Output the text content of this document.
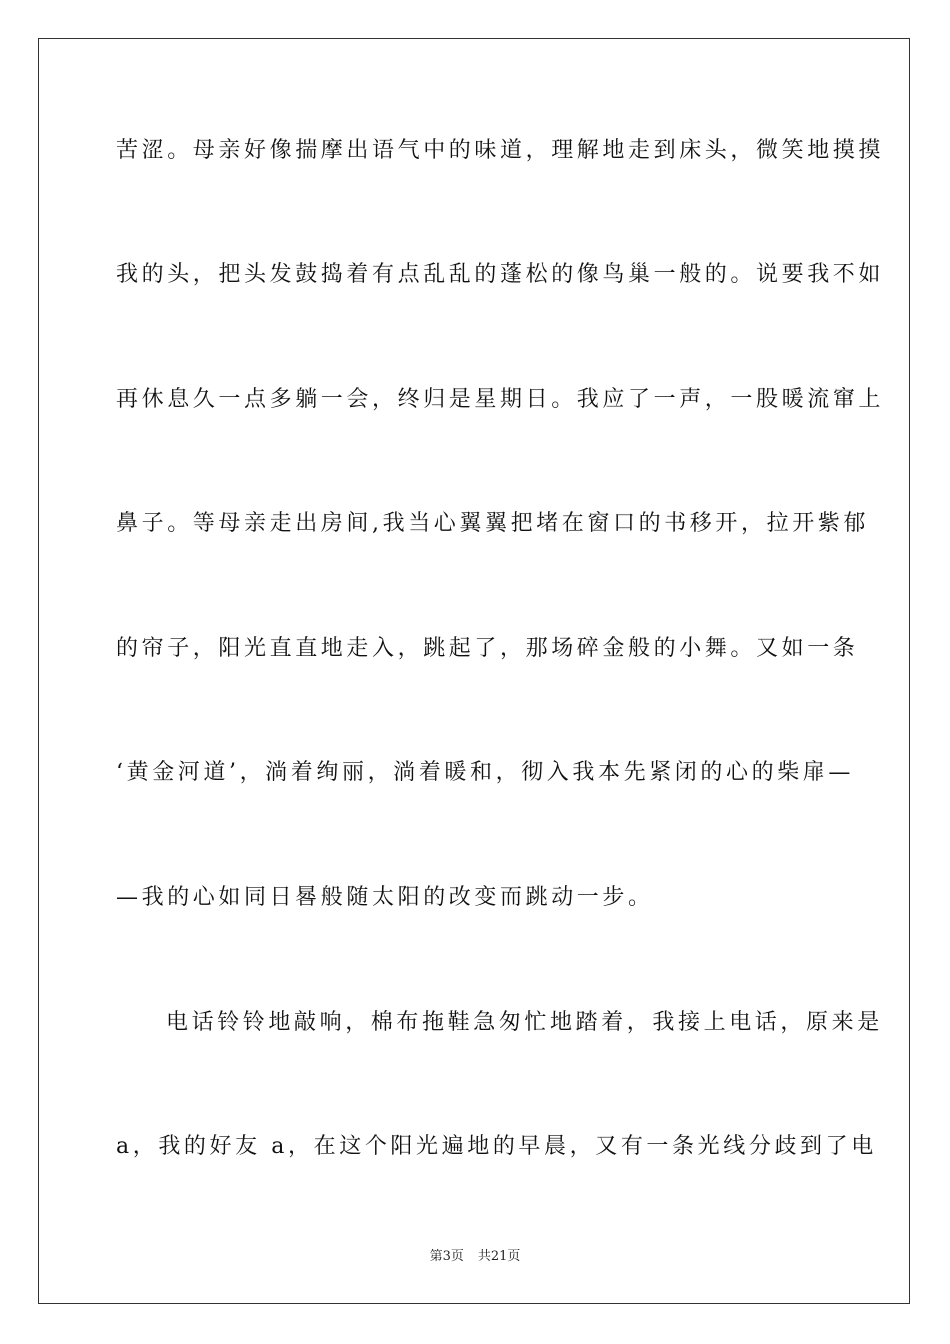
苦涩。母亲好像揣摩出语气中的味道，理解地走到床头，微笑地摸摸
我的头，把头发鼓捣着有点乱乱的蓬松的像鸟巢一般的。说要我不如
再休息久一点多躺一会，终归是星期日。我应了一声，一股暖流窜上
鼻子。等母亲走出房间,我当心翼翼把堵在窗口的书移开，拉开紫郁
的帘子，阳光直直地走入，跳起了，那场碎金般的小舞。又如一条
‘黄金河道’，淌着绚丽，淌着暖和，彻入我本先紧闭的心的柴扉—
—我的心如同日晷般随太阳的改变而跳动一步。
电话铃铃地敲响，棉布拖鞋急匆忙地踏着，我接上电话，原来是
a，我的好友 a，在这个阳光遍地的早晨，又有一条光线分歧到了电
第3页 共21页
